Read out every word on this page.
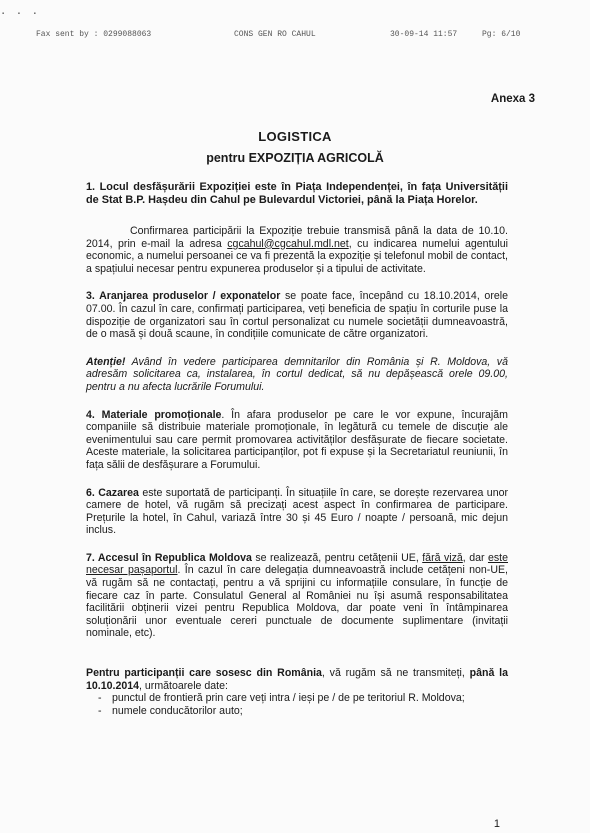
▪ ▪ ▪
Fax sent by : 0299088063	CONS GEN RO CAHUL	30-09-14 11:57	Pg: 6/10
Anexa 3
LOGISTICA
pentru EXPOZIȚIA AGRICOLĂ

1. Locul desfășurării Expoziției este în Piața Independenței, în fața Universității de Stat B.P. Hașdeu din Cahul pe Bulevardul Victoriei, până la Piața Horelor.

Confirmarea participării la Expoziție trebuie transmisă până la data de 10.10. 2014, prin e-mail la adresa cgcahul@cgcahul.mdl.net, cu indicarea numelui agentului economic, a numelui persoanei ce va fi prezentă la expoziție și telefonul mobil de contact, a spațiului necesar pentru expunerea produselor și a tipului de activitate.

3. Aranjarea produselor / exponatelor se poate face, începând cu 18.10.2014, orele 07.00. În cazul în care, confirmați participarea, veți beneficia de spațiu în corturile puse la dispoziție de organizatori sau în cortul personalizat cu numele societății dumneavoastră, de o masă și două scaune, în condițiile comunicate de către organizatori.

Atenție! Având în vedere participarea demnitarilor din România și R. Moldova, vă adresăm solicitarea ca, instalarea, în cortul dedicat, să nu depășească orele 09.00, pentru a nu afecta lucrările Forumului.

4. Materiale promoționale. În afara produselor pe care le vor expune, încurajăm companiile să distribuie materiale promoționale, în legătură cu temele de discuție ale evenimentului sau care permit promovarea activităților desfășurate de fiecare societate. Aceste materiale, la solicitarea participanților, pot fi expuse și la Secretariatul reuniunii, în fața sălii de desfășurare a Forumului.

6. Cazarea este suportată de participanți. În situațiile în care, se dorește rezervarea unor camere de hotel, vă rugăm să precizați acest aspect în confirmarea de participare. Prețurile la hotel, în Cahul, variază între 30 și 45 Euro / noapte / persoană, mic dejun inclus.

7. Accesul în Republica Moldova se realizează, pentru cetățenii UE, fără viză, dar este necesar pașaportul. În cazul în care delegația dumneavoastră include cetățeni non-UE, vă rugăm să ne contactați, pentru a vă sprijini cu informațiile consulare, în funcție de fiecare caz în parte. Consulatul General al României nu își asumă responsabilitatea facilitării obținerii vizei pentru Republica Moldova, dar poate veni în întâmpinarea soluționării unor eventuale cereri punctuale de documente suplimentare (invitații nominale, etc).

Pentru participanții care sosesc din România, vă rugăm să ne transmiteți, până la 10.10.2014, următoarele date:

- punctul de frontieră prin care veți intra / ieși pe / de pe teritoriul R. Moldova;
- numele conducătorilor auto;
1
